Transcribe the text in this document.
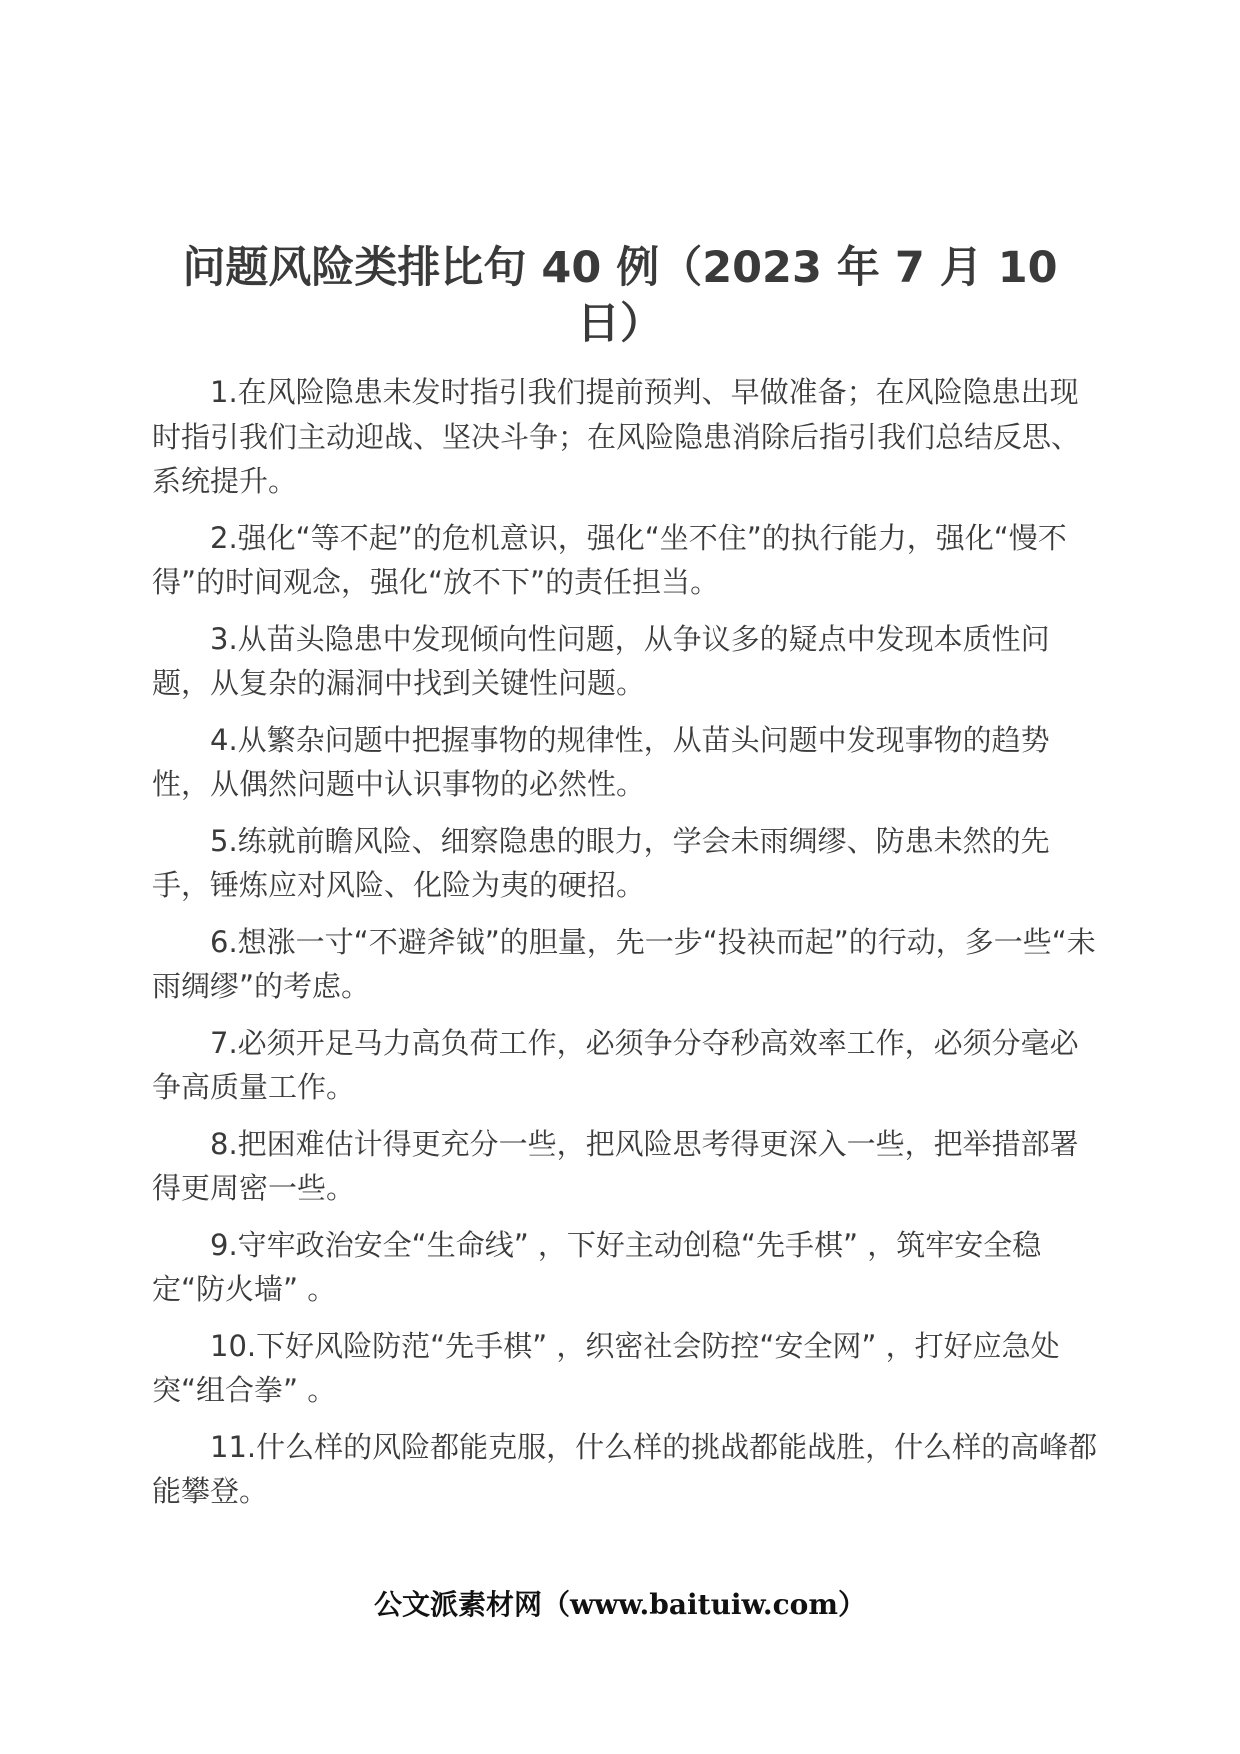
问题风险类排比句 40 例（2023 年 7 月 10 日）

1.在风险隐患未发时指引我们提前预判、早做准备；在风险隐患出现时指引我们主动迎战、坚决斗争；在风险隐患消除后指引我们总结反思、系统提升。

2.强化“等不起”的危机意识，强化“坐不住”的执行能力，强化“慢不得”的时间观念，强化“放不下”的责任担当。

3.从苗头隐患中发现倾向性问题，从争议多的疑点中发现本质性问题，从复杂的漏洞中找到关键性问题。

4.从繁杂问题中把握事物的规律性，从苗头问题中发现事物的趋势性，从偶然问题中认识事物的必然性。

5.练就前瞻风险、细察隐患的眼力，学会未雨绸缪、防患未然的先手，锤炼应对风险、化险为夷的硬招。

6.想涨一寸“不避斧钺”的胆量，先一步“投袂而起”的行动，多一些“未雨绸缪”的考虑。

7.必须开足马力高负荷工作，必须争分夺秒高效率工作，必须分毫必争高质量工作。

8.把困难估计得更充分一些，把风险思考得更深入一些，把举措部署得更周密一些。

9.守牢政治安全“生命线” ，下好主动创稳“先手棋” ，筑牢安全稳定“防火墙” 。

10.下好风险防范“先手棋” ，织密社会防控“安全网” ，打好应急处突“组合拳” 。

11.什么样的风险都能克服，什么样的挑战都能战胜，什么样的高峰都能攀登。

公文派素材网（www.baituiw.com）
